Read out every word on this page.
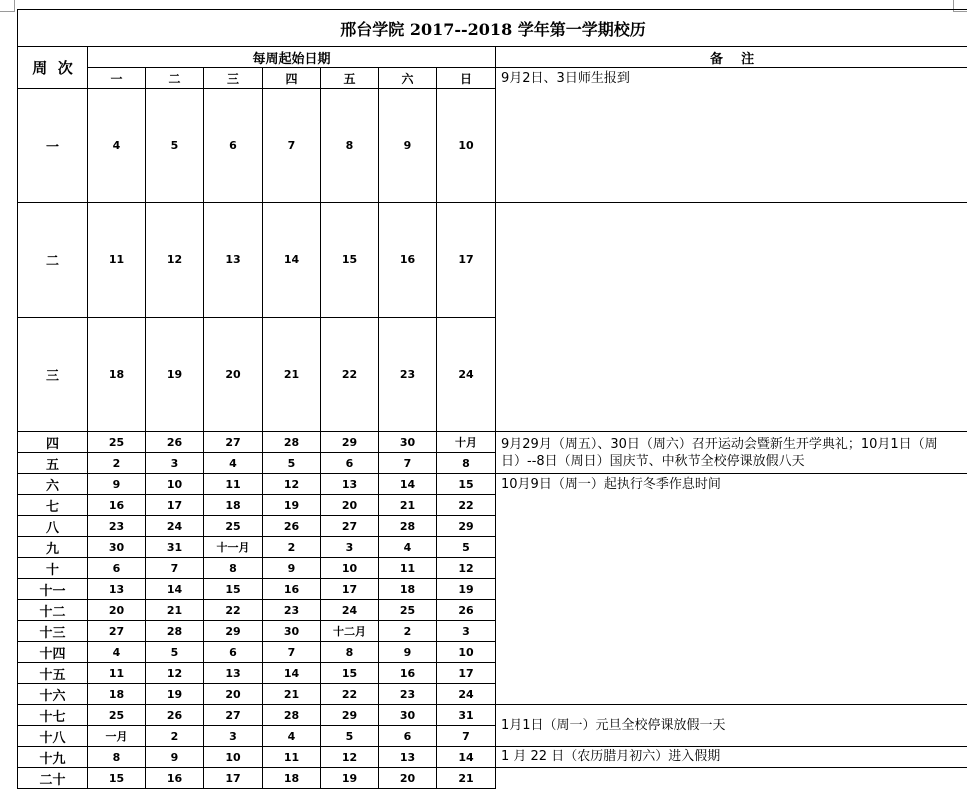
邢台学院 2017--2018 学年第一学期校历									
周  次	每周起始日期							备    注	
	一	二	三	四	五	六	日	9月2日、3日师生报到	
一	4	5	6	7	8	9	10	
二	11	12	13	14	15	16	17		
三	18	19	20	21	22	23	24		
四	25	26	27	28	29	30	十月	9月29月（周五）、30日（周六）召开运动会暨新生开学典礼；10月1日（周日）--8日（周日）国庆节、中秋节全校停课放假八天	
五	2	3	4	5	6	7	8		
六	9	10	11	12	13	14	15	10月9日（周一）起执行冬季作息时间	
七	16	17	18	19	20	21	22		
八	23	24	25	26	27	28	29		
九	30	31	十一月	2	3	4	5		
十	6	7	8	9	10	11	12		
十一	13	14	15	16	17	18	19		
十二	20	21	22	23	24	25	26		
十三	27	28	29	30	十二月	2	3		
十四	4	5	6	7	8	9	10		
十五	11	12	13	14	15	16	17		
十六	18	19	20	21	22	23	24		
十七	25	26	27	28	29	30	31	1月1日（周一）元旦全校停课放假一天	
十八	一月	2	3	4	5	6	7		
十九	8	9	10	11	12	13	14	1 月 22 日（农历腊月初六）进入假期	
二十	15	16	17	18	19	20	21		
